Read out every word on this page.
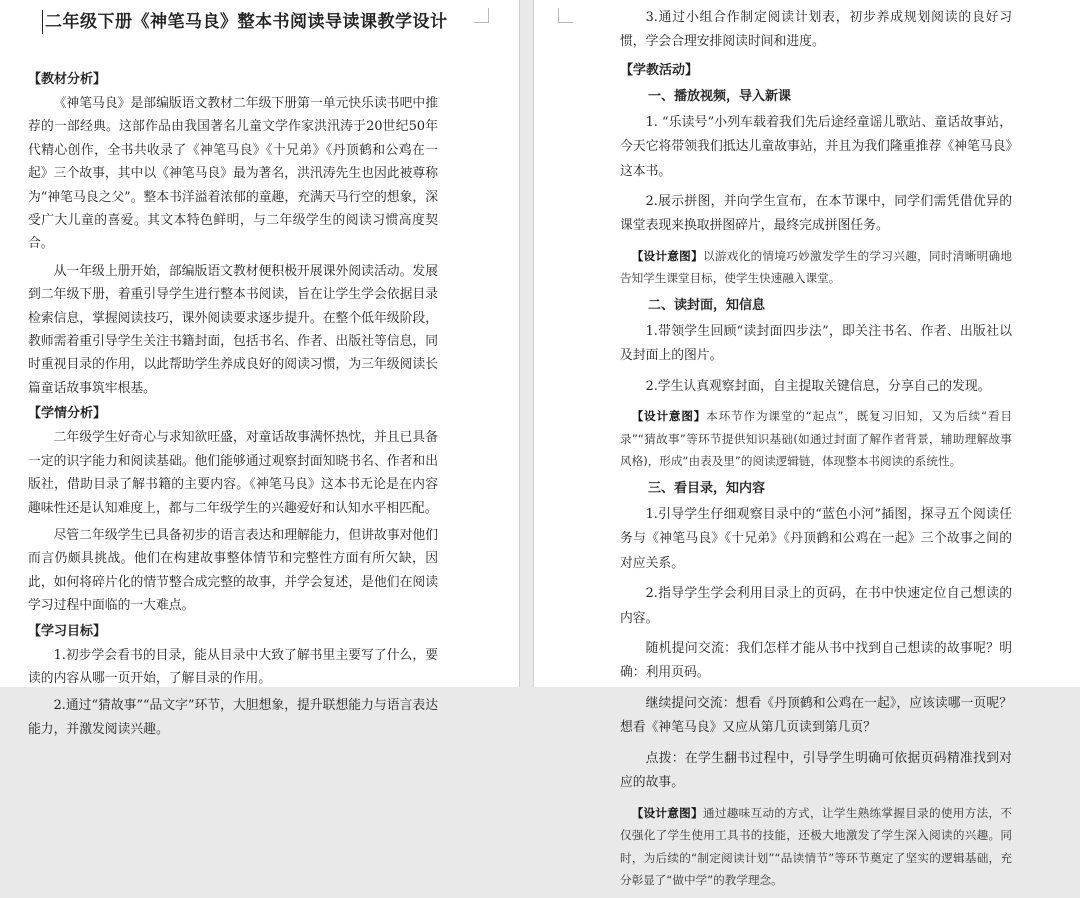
二年级下册《神笔马良》整本书阅读导读课教学设计
【教材分析】

《神笔马良》是部编版语文教材二年级下册第一单元快乐读书吧中推荐的一部经典。这部作品由我国著名儿童文学作家洪汛涛于20世纪50年代精心创作，全书共收录了《神笔马良》《十兄弟》《丹顶鹤和公鸡在一起》三个故事，其中以《神笔马良》最为著名，洪汛涛先生也因此被尊称为“神笔马良之父”。整本书洋溢着浓郁的童趣，充满天马行空的想象，深受广大儿童的喜爱。其文本特色鲜明，与二年级学生的阅读习惯高度契合。

从一年级上册开始，部编版语文教材便积极开展课外阅读活动。发展到二年级下册，着重引导学生进行整本书阅读，旨在让学生学会依据目录检索信息，掌握阅读技巧，课外阅读要求逐步提升。在整个低年级阶段，教师需着重引导学生关注书籍封面，包括书名、作者、出版社等信息，同时重视目录的作用，以此帮助学生养成良好的阅读习惯，为三年级阅读长篇童话故事筑牢根基。

【学情分析】

二年级学生好奇心与求知欲旺盛，对童话故事满怀热忱，并且已具备一定的识字能力和阅读基础。他们能够通过观察封面知晓书名、作者和出版社，借助目录了解书籍的主要内容。《神笔马良》这本书无论是在内容趣味性还是认知难度上，都与二年级学生的兴趣爱好和认知水平相匹配。

尽管二年级学生已具备初步的语言表达和理解能力，但讲故事对他们而言仍颇具挑战。他们在构建故事整体情节和完整性方面有所欠缺，因此，如何将碎片化的情节整合成完整的故事，并学会复述，是他们在阅读学习过程中面临的一大难点。

【学习目标】

1.初步学会看书的目录，能从目录中大致了解书里主要写了什么，要读的内容从哪一页开始，了解目录的作用。

2.通过“猜故事”“品文字”环节，大胆想象，提升联想能力与语言表达能力，并激发阅读兴趣。

3.通过小组合作制定阅读计划表，初步养成规划阅读的良好习惯，学会合理安排阅读时间和进度。

【学教活动】
一、播放视频，导入新课

1. “乐读号”小列车载着我们先后途经童谣儿歌站、童话故事站，今天它将带领我们抵达儿童故事站，并且为我们隆重推荐《神笔马良》这本书。

2.展示拼图，并向学生宣布，在本节课中，同学们需凭借优异的课堂表现来换取拼图碎片，最终完成拼图任务。

【设计意图】以游戏化的情境巧妙激发学生的学习兴趣，同时清晰明确地告知学生课堂目标，使学生快速融入课堂。
二、读封面，知信息

1.带领学生回顾“读封面四步法”，即关注书名、作者、出版社以及封面上的图片。

2.学生认真观察封面，自主提取关键信息，分享自己的发现。

【设计意图】本环节作为课堂的“起点”，既复习旧知，又为后续“看目录”“猜故事”等环节提供知识基础(如通过封面了解作者背景，辅助理解故事风格)，形成“由表及里”的阅读逻辑链，体现整本书阅读的系统性。
三、看目录，知内容

1.引导学生仔细观察目录中的“蓝色小河”插图，探寻五个阅读任务与《神笔马良》《十兄弟》《丹顶鹤和公鸡在一起》三个故事之间的对应关系。

2.指导学生学会利用目录上的页码，在书中快速定位自己想读的内容。

随机提问交流：我们怎样才能从书中找到自己想读的故事呢？明确：利用页码。

继续提问交流：想看《丹顶鹤和公鸡在一起》，应该读哪一页呢？想看《神笔马良》又应从第几页读到第几页？

点拨：在学生翻书过程中，引导学生明确可依据页码精准找到对应的故事。

【设计意图】通过趣味互动的方式，让学生熟练掌握目录的使用方法，不仅强化了学生使用工具书的技能，还极大地激发了学生深入阅读的兴趣。同时，为后续的“制定阅读计划”“品读情节”等环节奠定了坚实的逻辑基础，充分彰显了“做中学”的教学理念。
